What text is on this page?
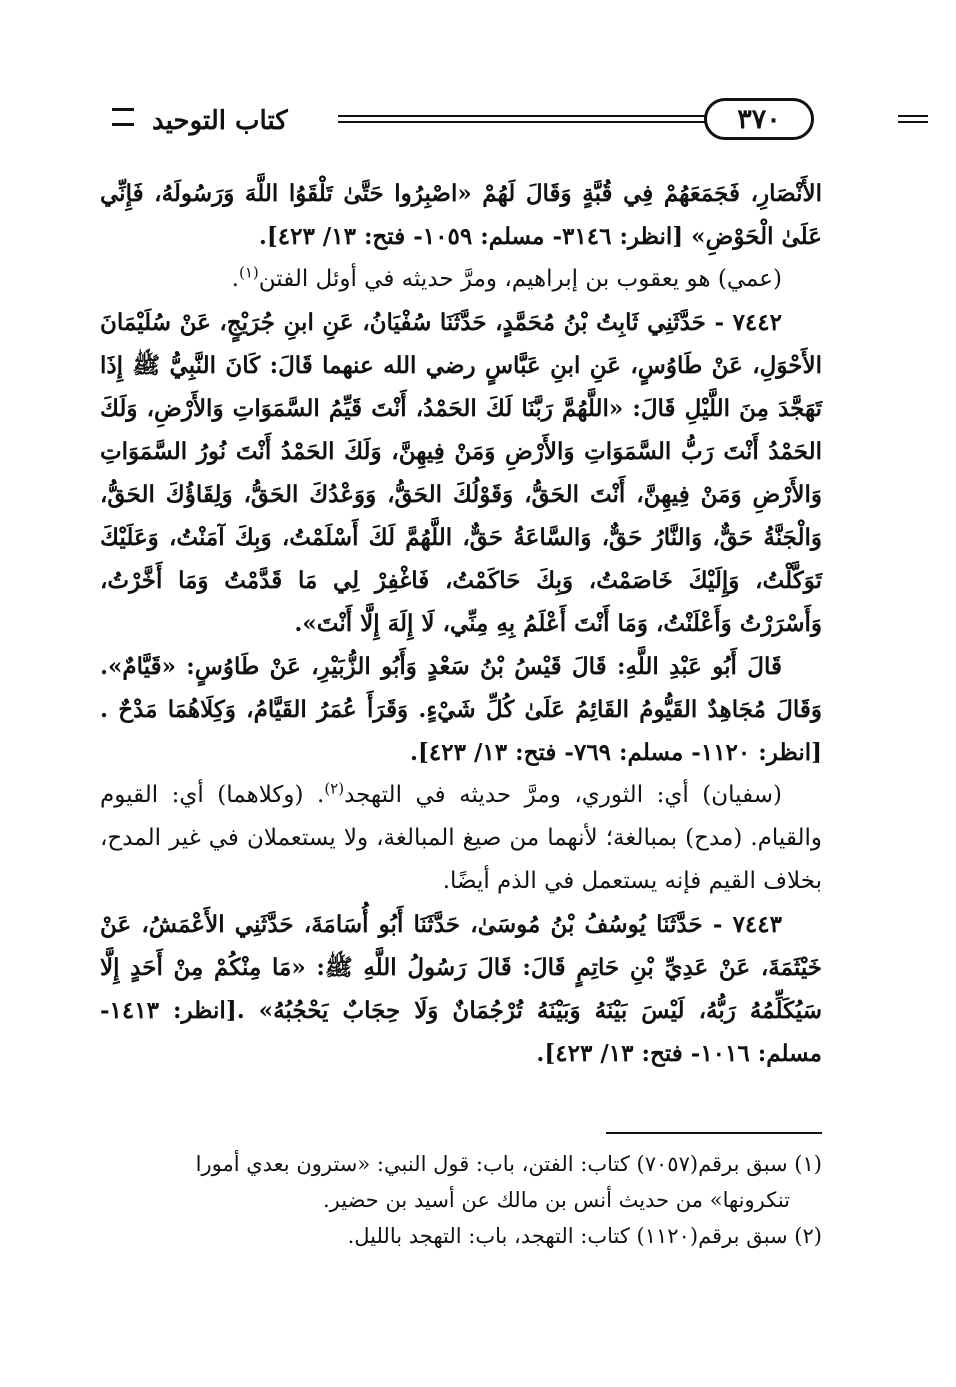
كتاب التوحيد	٣٧٠

الأَنْصَارِ، فَجَمَعَهُمْ فِي قُبَّةٍ وَقَالَ لَهُمْ «اصْبِرُوا حَتَّىٰ تَلْقَوُا اللَّهَ وَرَسُولَهُ، فَإِنِّي عَلَىٰ الْحَوْضِ» [انظر: ٣١٤٦- مسلم: ١٠٥٩- فتح: ١٣/ ٤٢٣].

(عمي) هو يعقوب بن إبراهيم، ومرَّ حديثه في أوئل الفتن$^{(١)}$.

٧٤٤٢ - حَدَّثَنِي ثَابِتُ بْنُ مُحَمَّدٍ، حَدَّثَنَا سُفْيَانُ، عَنِ ابنِ جُرَيْجٍ، عَنْ سُلَيْمَانَ الأَحْوَلِ، عَنْ طَاوُسٍ، عَنِ ابنِ عَبَّاسٍ رضي الله عنهما قَالَ: كَانَ النَّبِيُّ ﷺ إِذَا تَهَجَّدَ مِنَ اللَّيْلِ قَالَ: «اللَّهُمَّ رَبَّنَا لَكَ الحَمْدُ، أَنْتَ قَيِّمُ السَّمَوَاتِ وَالأَرْضِ، وَلَكَ الحَمْدُ أَنْتَ رَبُّ السَّمَوَاتِ وَالأَرْضِ وَمَنْ فِيهِنَّ، وَلَكَ الحَمْدُ أَنْتَ نُورُ السَّمَوَاتِ وَالأَرْضِ وَمَنْ فِيهِنَّ، أَنْتَ الحَقُّ، وَقَوْلُكَ الحَقُّ، وَوَعْدُكَ الحَقُّ، وَلِقَاؤُكَ الحَقُّ، وَالْجَنَّةُ حَقٌّ، وَالنَّارُ حَقٌّ، وَالسَّاعَةُ حَقٌّ، اللَّهُمَّ لَكَ أَسْلَمْتُ، وَبِكَ آمَنْتُ، وَعَلَيْكَ تَوَكَّلْتُ، وَإِلَيْكَ خَاصَمْتُ، وَبِكَ حَاكَمْتُ، فَاغْفِرْ لِي مَا قَدَّمْتُ وَمَا أَخَّرْتُ، وَأَسْرَرْتُ وَأَعْلَنْتُ، وَمَا أَنْتَ أَعْلَمُ بِهِ مِنِّي، لَا إِلَهَ إِلَّا أَنْتَ».

قَالَ أَبُو عَبْدِ اللَّهِ: قَالَ قَيْسُ بْنُ سَعْدٍ وَأَبُو الزُّبَيْرِ، عَنْ طَاوُسٍ: «قَيَّامٌ». وَقَالَ مُجَاهِدٌ القَيُّومُ القَائِمُ عَلَىٰ كُلِّ شَيْءٍ. وَقَرَأَ عُمَرُ القَيَّامُ، وَكِلَاهُمَا مَدْحٌ .[انظر: ١١٢٠- مسلم: ٧٦٩- فتح: ١٣/ ٤٢٣].

(سفيان) أي: الثوري، ومرَّ حديثه في التهجد$^{(٢)}$. (وكلاهما) أي: القيوم والقيام. (مدح) بمبالغة؛ لأنهما من صيغ المبالغة، ولا يستعملان في غير المدح، بخلاف القيم فإنه يستعمل في الذم أيضًا.

٧٤٤٣ - حَدَّثَنَا يُوسُفُ بْنُ مُوسَىٰ، حَدَّثَنَا أَبُو أُسَامَةَ، حَدَّثَنِي الأَعْمَشُ، عَنْ خَيْثَمَةَ، عَنْ عَدِيِّ بْنِ حَاتِمٍ قَالَ: قَالَ رَسُولُ اللَّهِ ﷺ: «مَا مِنْكُمْ مِنْ أَحَدٍ إِلَّا سَيُكَلِّمُهُ رَبُّهُ، لَيْسَ بَيْنَهُ وَبَيْنَهُ تُرْجُمَانٌ وَلَا حِجَابٌ يَحْجُبُهُ» .[انظر: ١٤١٣- مسلم: ١٠١٦- فتح: ١٣/ ٤٢٣].

(١) سبق برقم(٧٠٥٧) كتاب: الفتن، باب: قول النبي: «سترون بعدي أمورا

تنكرونها» من حديث أنس بن مالك عن أسيد بن حضير.

(٢) سبق برقم(١١٢٠) كتاب: التهجد، باب: التهجد بالليل.
